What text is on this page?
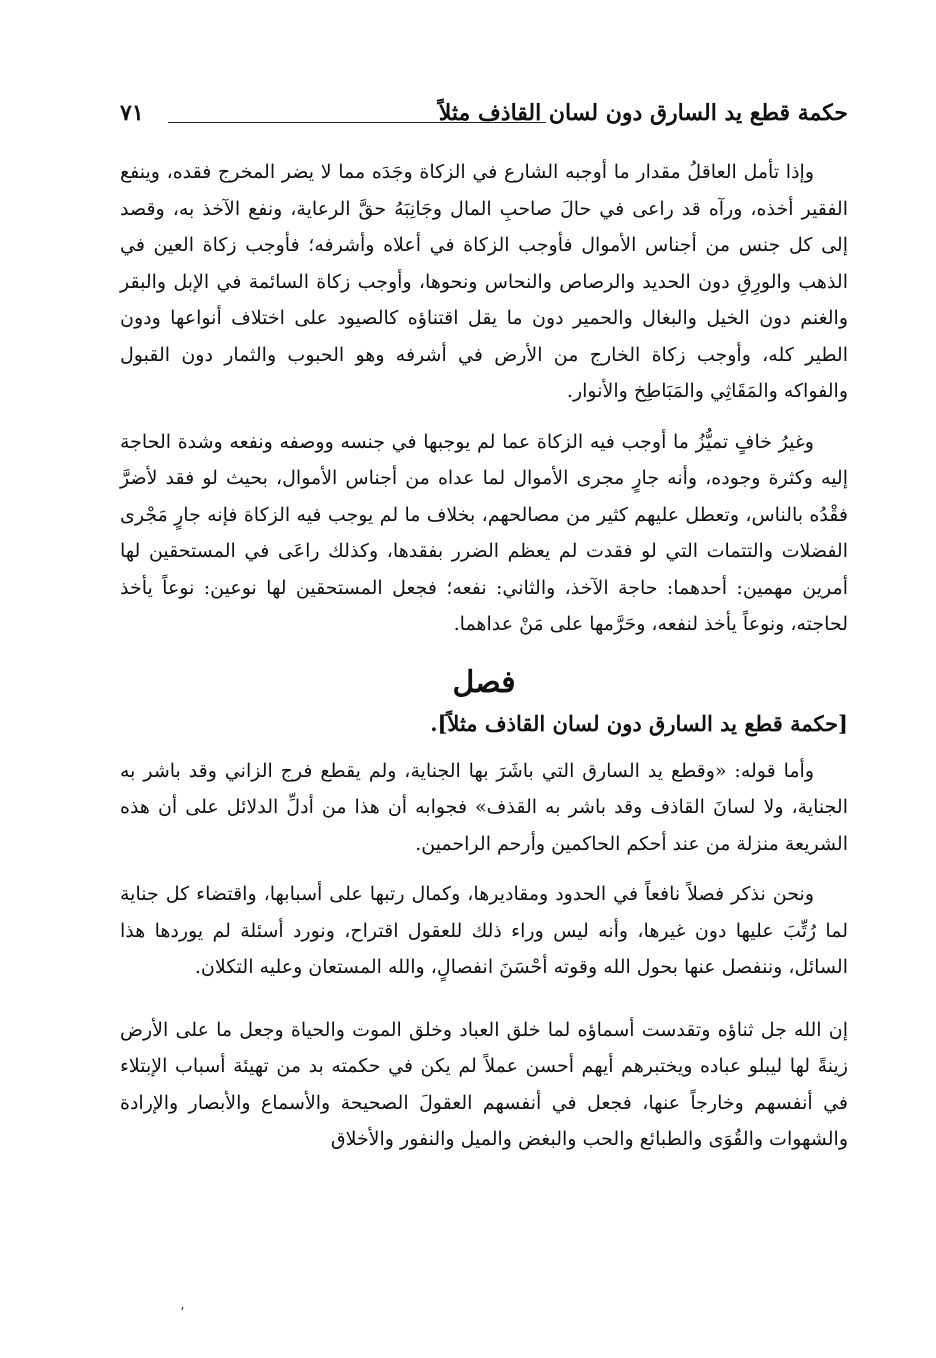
حكمة قطع يد السارق دون لسان القاذف مثلاً
٧١

وإذا تأمل العاقلُ مقدار ما أوجبه الشارع في الزكاة وجَدَه مما لا يضر المخرج فقده، وينفع الفقير أخذه، ورآه قد راعى في حالَ صاحبِ المال وجَانِبَهُ حقَّ الرعاية، ونفع الآخذ به، وقصد إلى كل جنس من أجناس الأموال فأوجب الزكاة في أعلاه وأشرفه؛ فأوجب زكاة العين في الذهب والورِقِ دون الحديد والرصاص والنحاس ونحوها، وأوجب زكاة السائمة في الإبل والبقر والغنم دون الخيل والبغال والحمير دون ما يقل اقتناؤه كالصيود على اختلاف أنواعها ودون الطير كله، وأوجب زكاة الخارج من الأرض في أشرفه وهو الحبوب والثمار دون القبول والفواكه والمَقَاثِي والمَبَاطِخ والأنوار.

وغيرُ خافٍ تميُّزُ ما أوجب فيه الزكاة عما لم يوجبها في جنسه ووصفه ونفعه وشدة الحاجة إليه وكثرة وجوده، وأنه جارٍ مجرى الأموال لما عداه من أجناس الأموال، بحيث لو فقد لأضرَّ فقْدُه بالناس، وتعطل عليهم كثير من مصالحهم، بخلاف ما لم يوجب فيه الزكاة فإنه جارٍ مَجْرى الفضلات والتتمات التي لو فقدت لم يعظم الضرر بفقدها، وكذلك راعَى في المستحقين لها أمرين مهمين: أحدهما: حاجة الآخذ، والثاني: نفعه؛ فجعل المستحقين لها نوعين: نوعاً يأخذ لحاجته، ونوعاً يأخذ لنفعه، وحَرَّمها على مَنْ عداهما.

فصل
[حكمة قطع يد السارق دون لسان القاذف مثلاً].

وأما قوله: «وقطع يد السارق التي باشَرَ بها الجناية، ولم يقطع فرج الزاني وقد باشر به الجناية، ولا لسانَ القاذف وقد باشر به القذف» فجوابه أن هذا من أدلِّ الدلائل على أن هذه الشريعة منزلة من عند أحكم الحاكمين وأرحم الراحمين.

ونحن نذكر فصلاً نافعاً في الحدود ومقاديرها، وكمال رتبها على أسبابها، واقتضاء كل جناية لما رُتِّبَ عليها دون غيرها، وأنه ليس وراء ذلك للعقول اقتراح، ونورد أسئلة لم يوردها هذا السائل، وننفصل عنها بحول الله وقوته أحْسَنَ انفصالٍ، والله المستعان وعليه التكلان.

إن الله جل ثناؤه وتقدست أسماؤه لما خلق العباد وخلق الموت والحياة وجعل ما على الأرض زينةً لها ليبلو عباده ويختبرهم أيهم أحسن عملاً لم يكن في حكمته بد من تهيئة أسباب الإبتلاء في أنفسهم وخارجاً عنها، فجعل في أنفسهم العقولَ الصحيحة والأسماع والأبصار والإرادة والشهوات والقُوَى والطبائع والحب والبغض والميل والنفور والأخلاق

،
